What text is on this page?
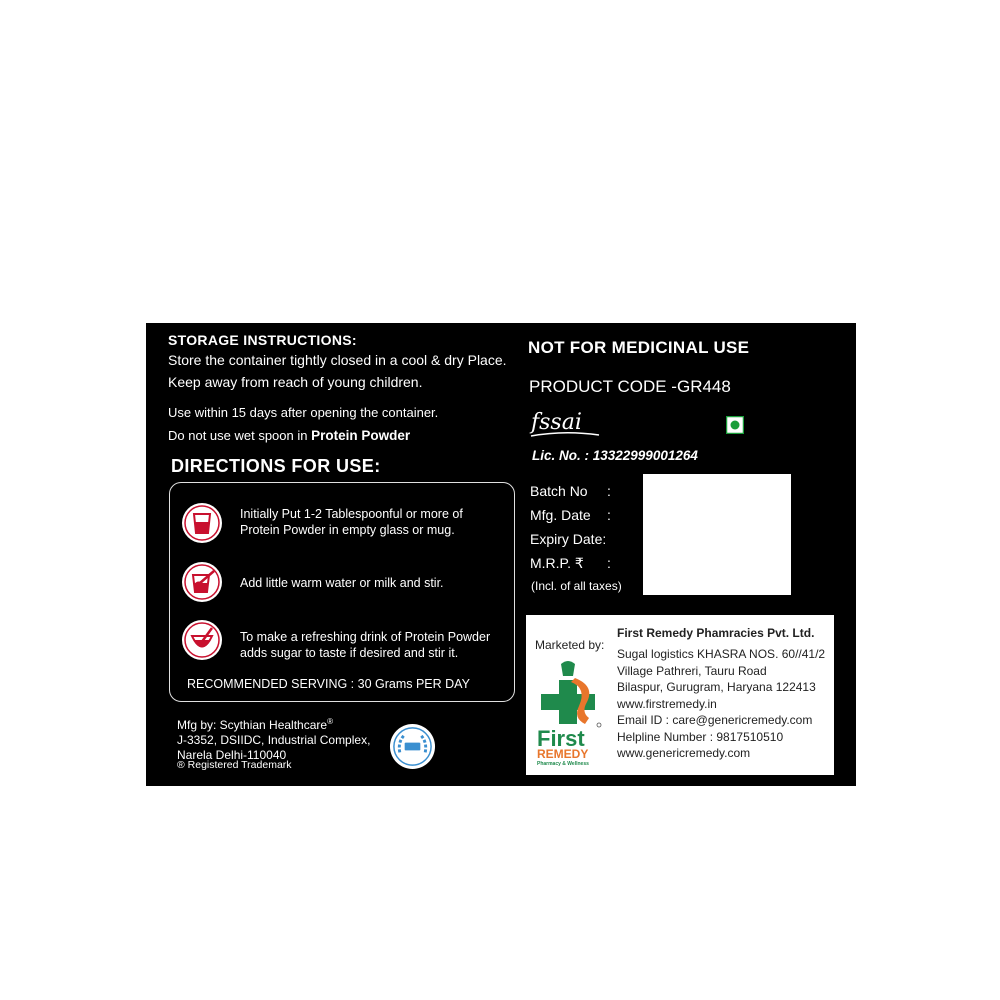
STORAGE INSTRUCTIONS:
Store the container tightly closed in a cool & dry Place.
Keep away from reach of young children.
Use within 15 days after opening the container.
Do not use wet spoon in Protein Powder
DIRECTIONS FOR USE:
Initially Put 1-2 Tablespoonful or more of
Protein Powder in empty glass or mug.
Add little warm water or milk and stir.
To make a refreshing drink of Protein Powder
adds sugar to taste if desired and stir it.
RECOMMENDED SERVING : 30 Grams PER DAY
Mfg by: Scythian Healthcare®
J-3352, DSIIDC, Industrial Complex,
Narela Delhi-110040
® Registered Trademark
NOT FOR MEDICINAL USE
PRODUCT CODE -GR448
fssai
Lic. No. : 13322999001264
Batch No :
Mfg. Date :
Expiry Date:
M.R.P. ₹ :
(Incl. of all taxes)
Marketed by:
First
REMEDY
Pharmacy & Wellness
First Remedy Phamracies Pvt. Ltd.
Sugal logistics KHASRA NOS. 60//41/2
Village Pathreri, Tauru Road
Bilaspur, Gurugram, Haryana 122413
www.firstremedy.in
Email ID : care@genericremedy.com
Helpline Number : 9817510510
www.genericremedy.com
